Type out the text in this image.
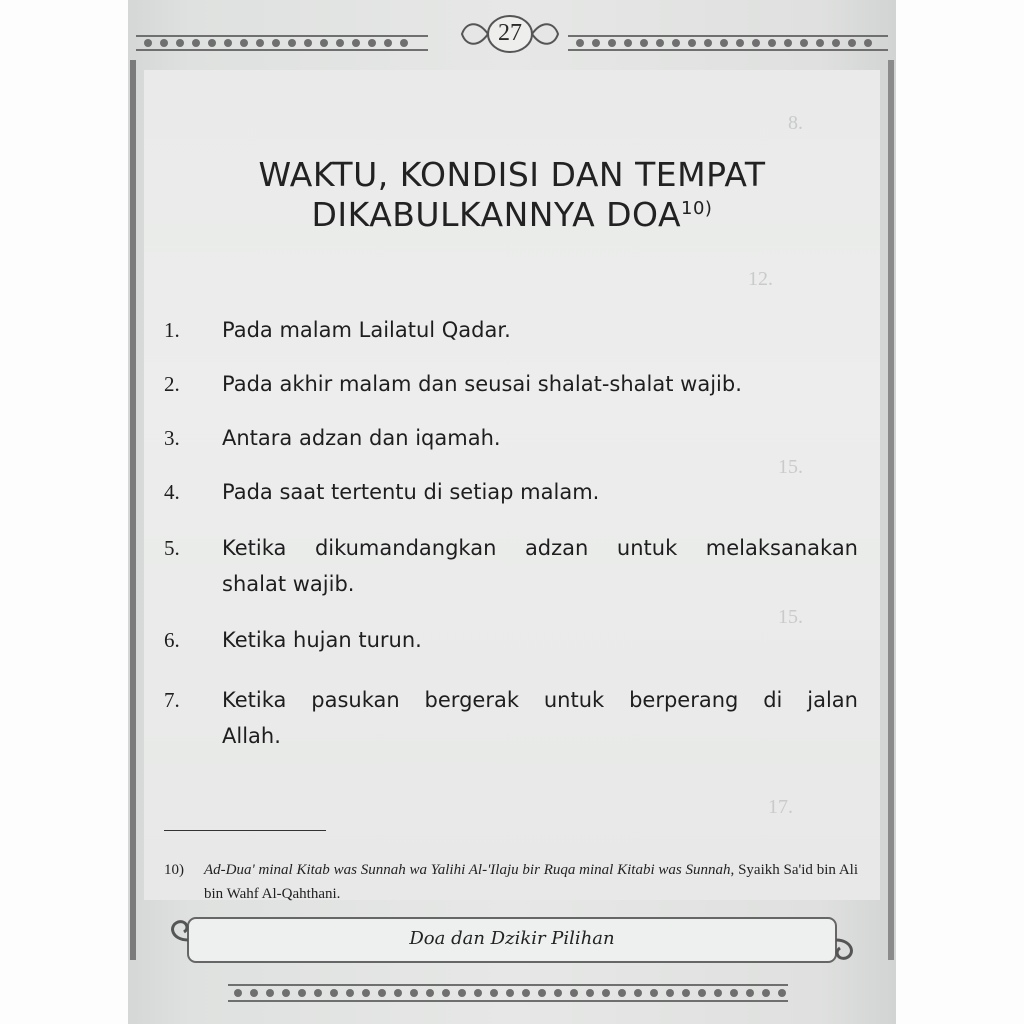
27
8.
12.
15.
15.
17.
WAKTU, KONDISI DAN TEMPAT
DIKABULKANNYA DOA$^{10)}$
1.	Pada malam Lailatul Qadar.
2.	Pada akhir malam dan seusai shalat-shalat wajib.
3.	Antara adzan dan iqamah.
4.	Pada saat tertentu di setiap malam.
5.	Ketika dikumandangkan adzan untuk melaksanakan
shalat wajib.
6.	Ketika hujan turun.
7.	Ketika pasukan bergerak untuk berperang di jalan
Allah.
10) Ad-Dua' minal Kitab was Sunnah wa Yalihi Al-'Ilaju bir Ruqa minal Kitabi was Sunnah, Syaikh Sa'id bin Ali bin Wahf Al-Qahthani.
Doa dan Dzikir Pilihan
